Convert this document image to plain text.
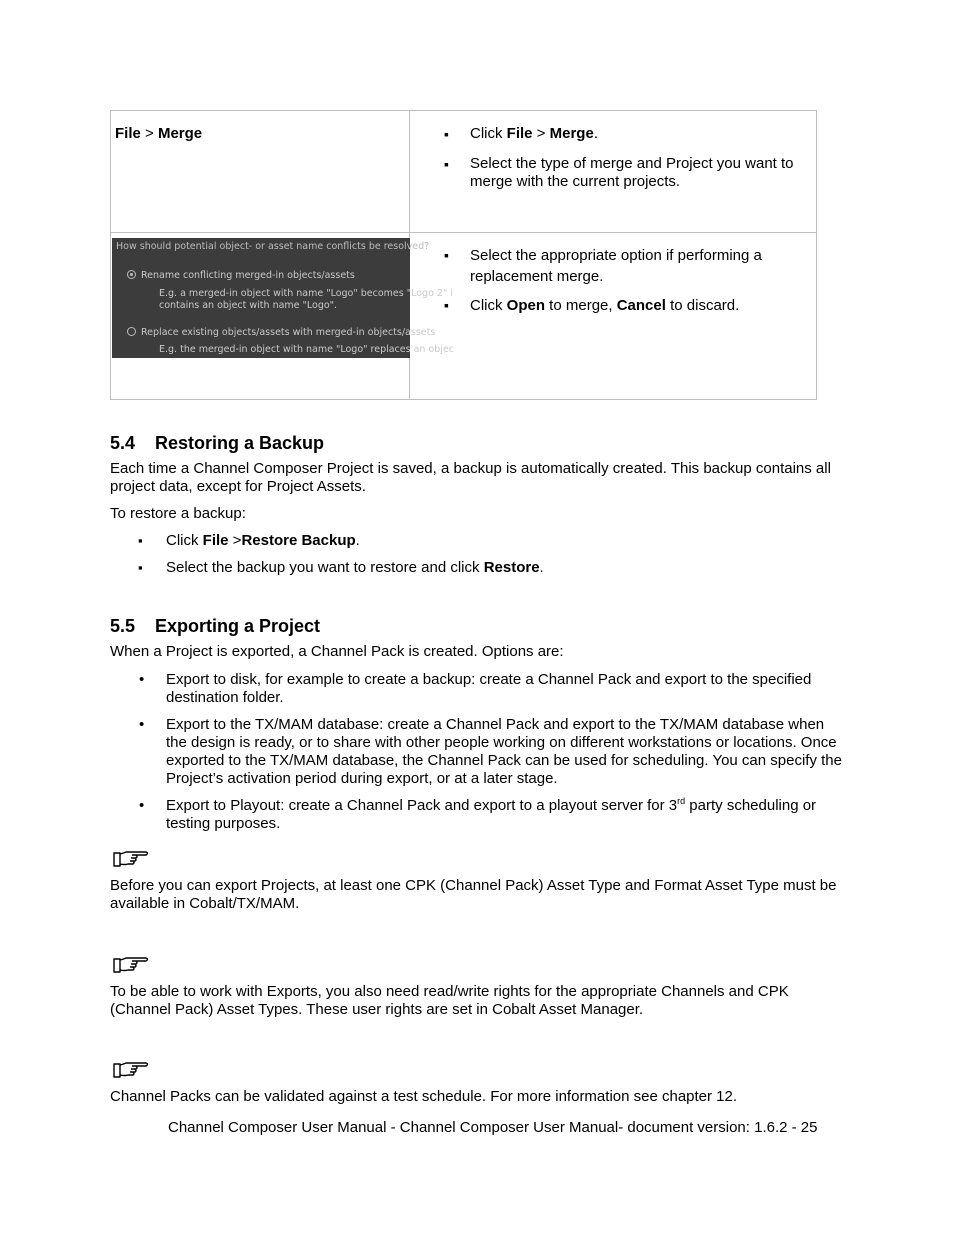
File > Merge
▪	Click File > Merge.
▪ Select the type of merge and Project you want to merge with the current projects.
How should potential object- or asset name conflicts be resolved?
Rename conflicting merged-in objects/assets
E.g. a merged-in object with name "Logo" becomes "Logo 2" i
contains an object with name "Logo".
Replace existing objects/assets with merged-in objects/assets
E.g. the merged-in object with name "Logo" replaces an objec
▪ Select the appropriate option if performing a replacement merge.
▪ Click Open to merge, Cancel to discard.
5.4 Restoring a Backup

Each time a Channel Composer Project is saved, a backup is automatically created. This backup contains all project data, except for Project Assets.

To restore a backup:

▪ Click File >Restore Backup.
▪ Select the backup you want to restore and click Restore.
5.5 Exporting a Project

When a Project is exported, a Channel Pack is created. Options are:

• Export to disk, for example to create a backup: create a Channel Pack and export to the specified destination folder.
• Export to the TX/MAM database: create a Channel Pack and export to the TX/MAM database when the design is ready, or to share with other people working on different workstations or locations. Once exported to the TX/MAM database, the Channel Pack can be used for scheduling. You can specify the Project’s activation period during export, or at a later stage.
• Export to Playout: create a Channel Pack and export to a playout server for 3rd party scheduling or testing purposes.

Before you can export Projects, at least one CPK (Channel Pack) Asset Type and Format Asset Type must be available in Cobalt/TX/MAM.

To be able to work with Exports, you also need read/write rights for the appropriate Channels and CPK (Channel Pack) Asset Types. These user rights are set in Cobalt Asset Manager.

Channel Packs can be validated against a test schedule. For more information see chapter 12.

Channel Composer User Manual - Channel Composer User Manual- document version: 1.6.2 - 25
